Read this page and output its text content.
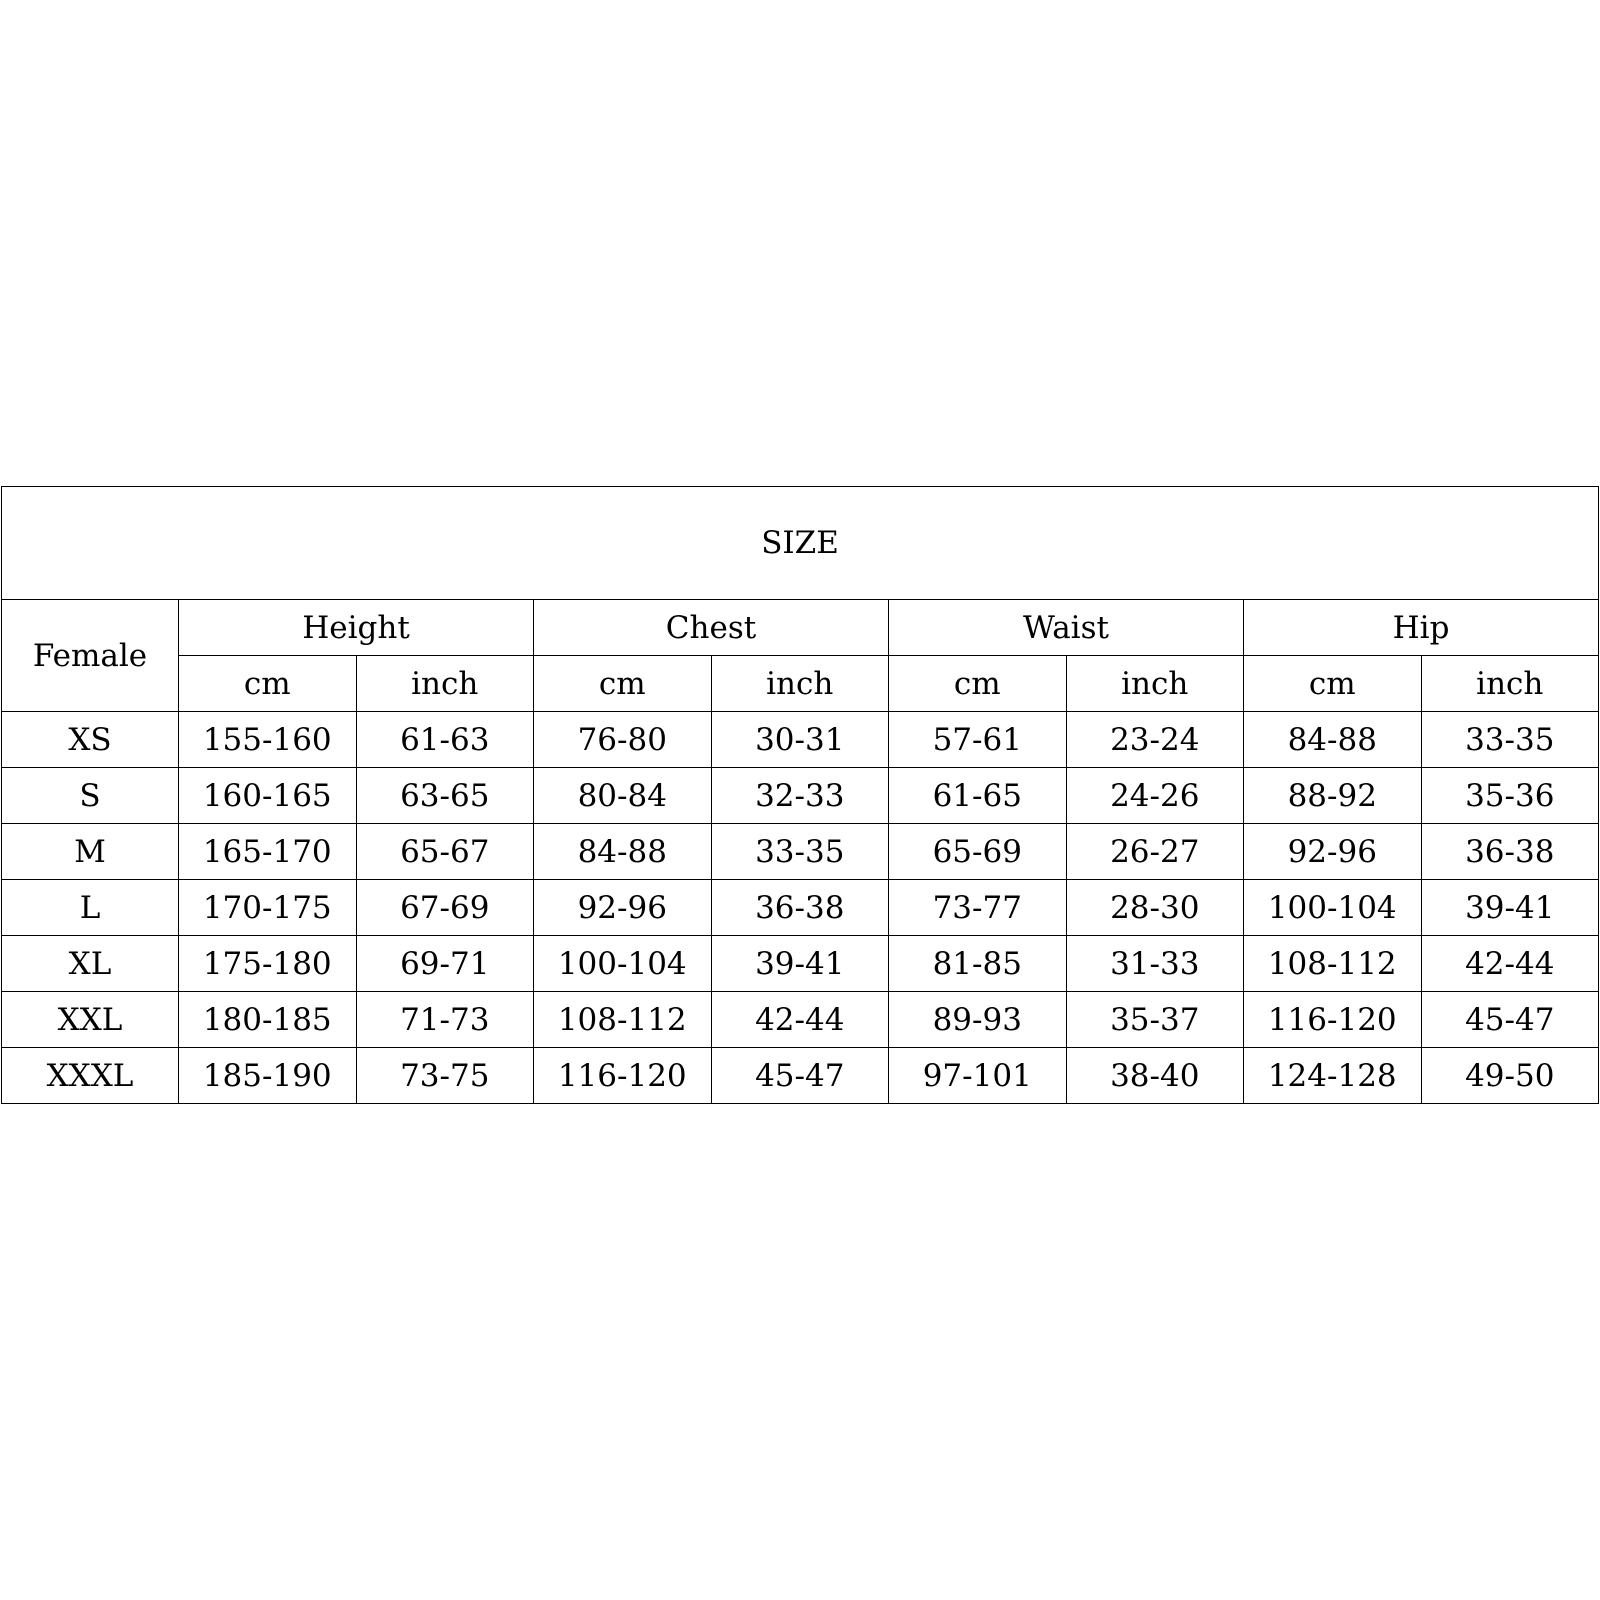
SIZE								
Female	Height		Chest		Waist		Hip	
	cm	inch	cm	inch	cm	inch	cm	inch
XS	155-160	61-63	76-80	30-31	57-61	23-24	84-88	33-35
S	160-165	63-65	80-84	32-33	61-65	24-26	88-92	35-36
M	165-170	65-67	84-88	33-35	65-69	26-27	92-96	36-38
L	170-175	67-69	92-96	36-38	73-77	28-30	100-104	39-41
XL	175-180	69-71	100-104	39-41	81-85	31-33	108-112	42-44
XXL	180-185	71-73	108-112	42-44	89-93	35-37	116-120	45-47
XXXL	185-190	73-75	116-120	45-47	97-101	38-40	124-128	49-50
